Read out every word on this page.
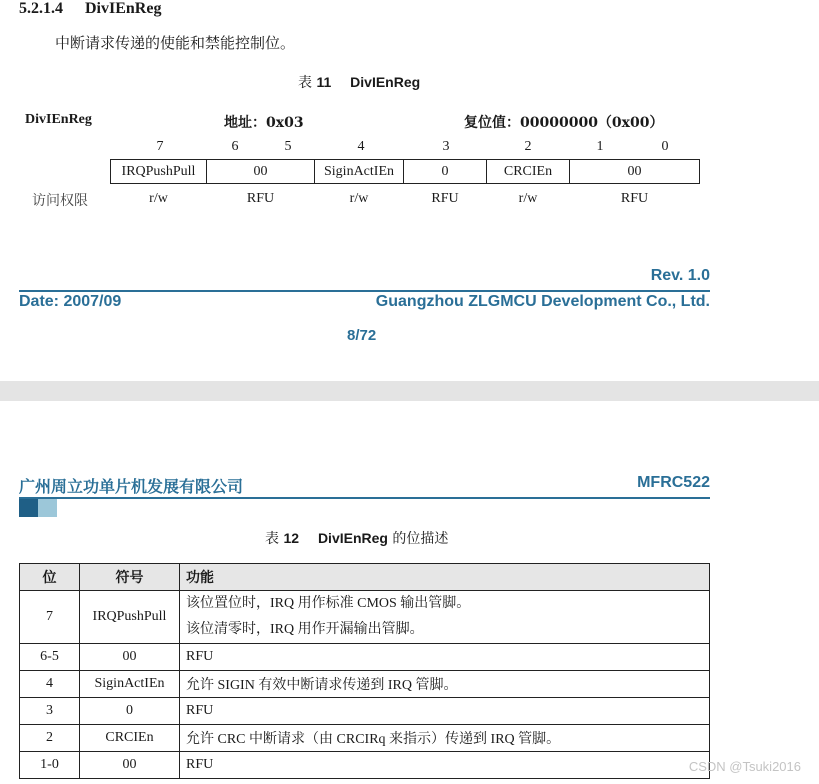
5.2.1.4 DivIEnReg
中断请求传递的使能和禁能控制位。
表 11 DivIEnReg
DivIEnReg	地址：0x03	复位值：00000000（0x00）
7	6	5	4	3	2	1	0
IRQPushPull	00	SiginActIEn	0	CRCIEn	00
访问权限	r/w	RFU	r/w	RFU	r/w	RFU
Rev. 1.0
Date: 2007/09	Guangzhou ZLGMCU Development Co., Ltd.
8/72
广州周立功单片机发展有限公司	MFRC522
表 12 DivIEnReg 的位描述
位	符号	功能
7	IRQPushPull	该位置位时，IRQ 用作标准 CMOS 输出管脚。
该位清零时，IRQ 用作开漏输出管脚。

6-5	00	RFU
4	SiginActIEn	允许 SIGIN 有效中断请求传递到 IRQ 管脚。
3	0	RFU
2	CRCIEn	允许 CRC 中断请求（由 CRCIRq 来指示）传递到 IRQ 管脚。
1-0	00	RFU	CSDN @Tsuki2016
